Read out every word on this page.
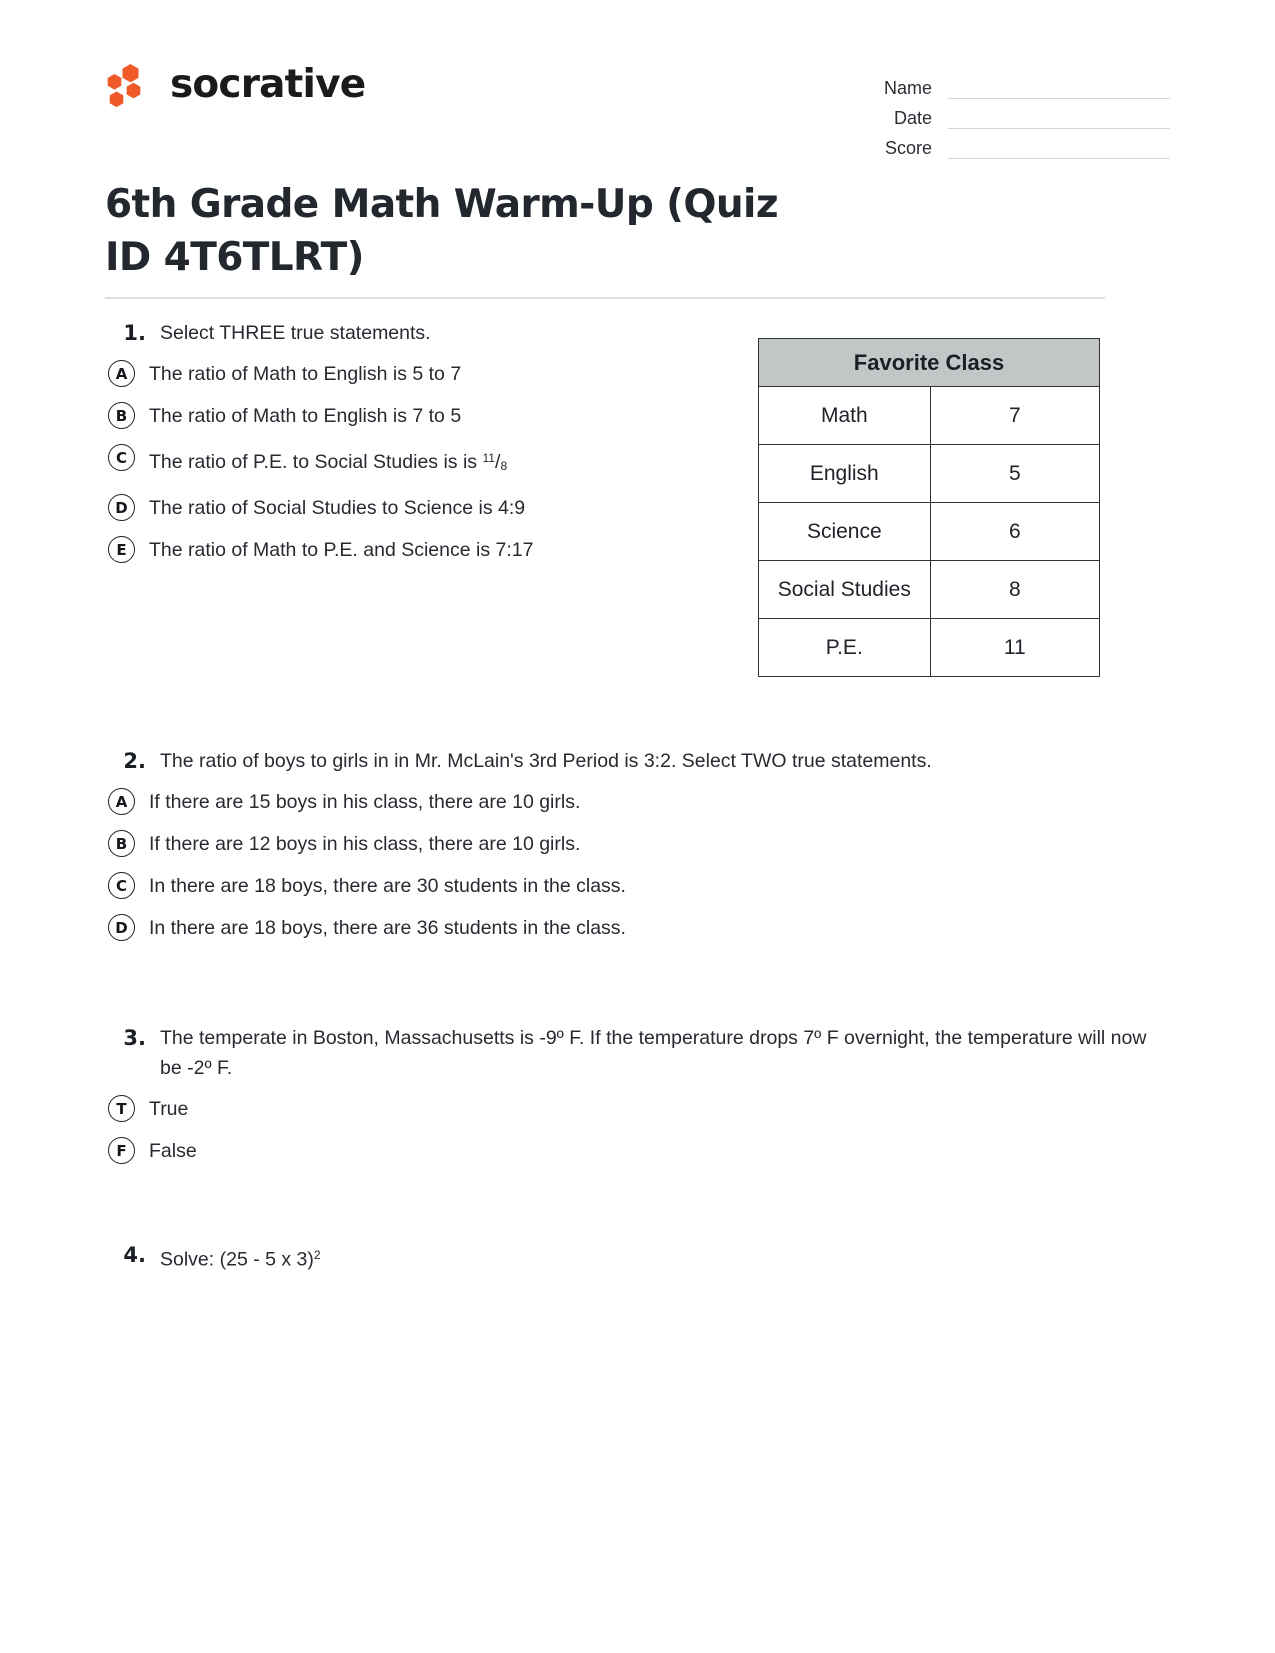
socrative
6th Grade Math Warm-Up (Quiz ID 4T6TLRT)
Name
Date
Score
1. Select THREE true statements.
A	The ratio of Math to English is 5 to 7
B	The ratio of Math to English is 7 to 5
C	The ratio of P.E. to Social Studies is is $^{11}/_8$
D	The ratio of Social Studies to Science is 4:9
E	The ratio of Math to P.E. and Science is 7:17
Favorite Class	
Math	7
English	5
Science	6
Social Studies	8
P.E.	11
2. The ratio of boys to girls in in Mr. McLain's 3rd Period is 3:2. Select TWO true statements.
A	If there are 15 boys in his class, there are 10 girls.
B	If there are 12 boys in his class, there are 10 girls.
C	In there are 18 boys, there are 30 students in the class.
D	In there are 18 boys, there are 36 students in the class.
3. The temperate in Boston, Massachusetts is -9º F. If the temperature drops 7º F overnight, the temperature will now be -2º F.
T	True
F	False
4. Solve: (25 - 5 x 3)$^2$
